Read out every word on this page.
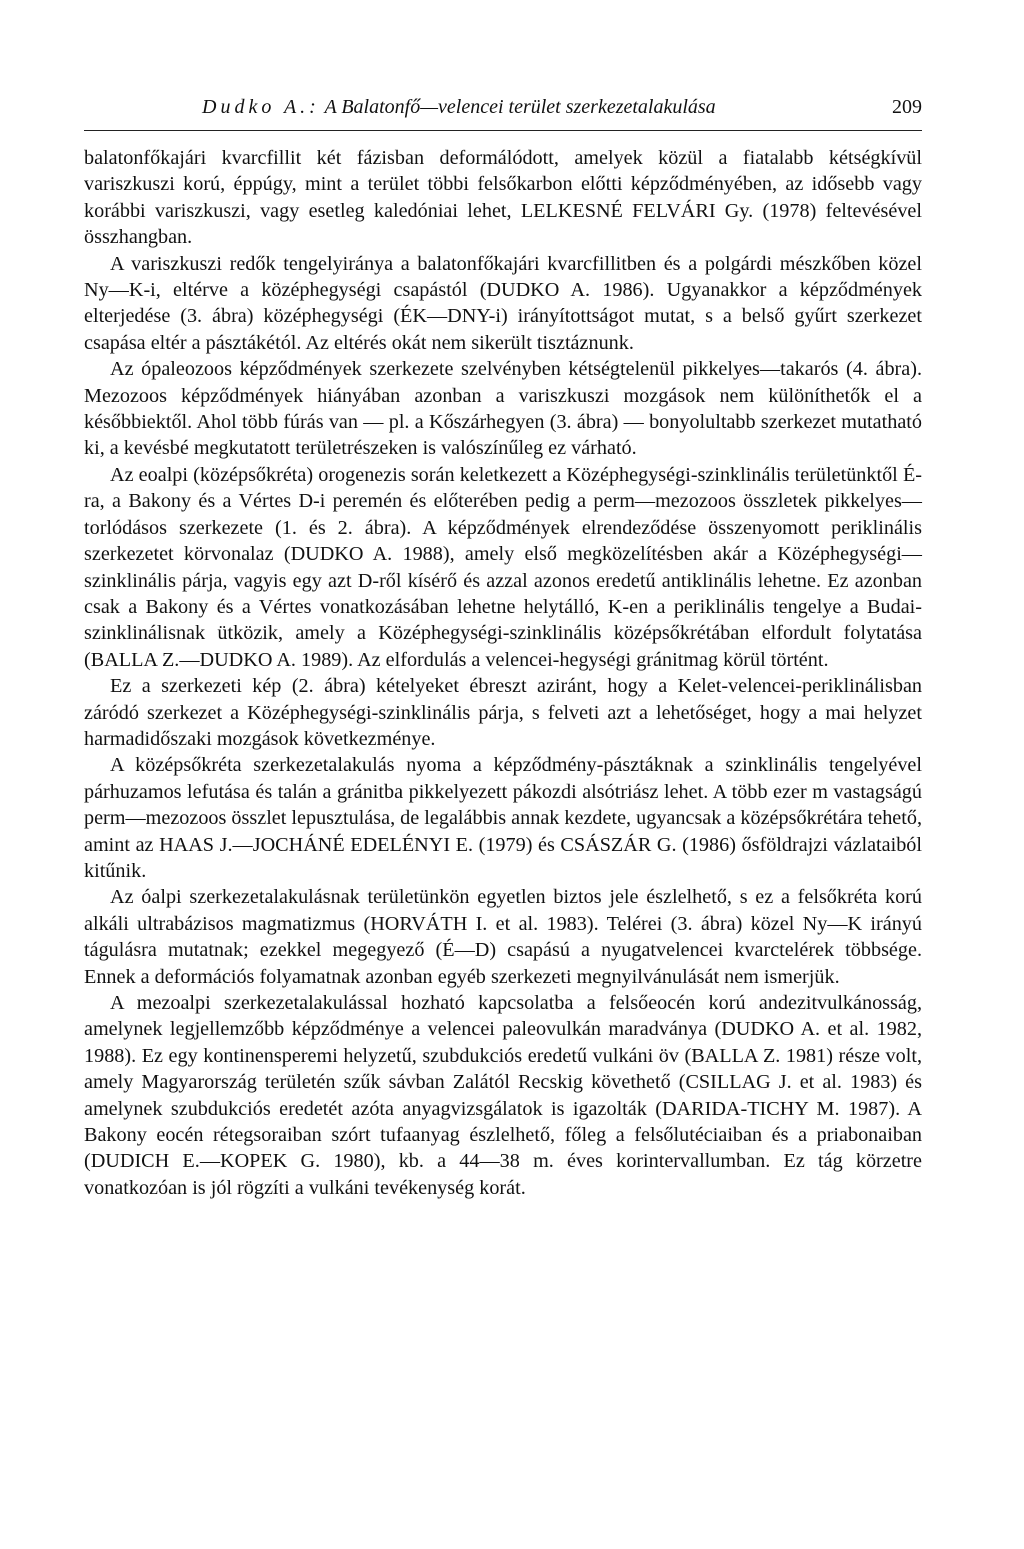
Dudko A.: A Balatonfő—velencei terület szerkezetalakulása	209

balatonfőkajári kvarcfillit két fázisban deformálódott, amelyek közül a fiatalabb kétségkívül variszkuszi korú, éppúgy, mint a terület többi felsőkarbon előtti képződményében, az idősebb vagy korábbi variszkuszi, vagy esetleg kaledóniai lehet, LELKESNÉ FELVÁRI Gy. (1978) feltevésével összhangban.

A variszkuszi redők tengelyiránya a balatonfőkajári kvarcfillitben és a polgárdi mészkőben közel Ny—K-i, eltérve a középhegységi csapástól (DUDKO A. 1986). Ugyanakkor a képződmények elterjedése (3. ábra) középhegységi (ÉK—DNY-i) irányítottságot mutat, s a belső gyűrt szerkezet csapása eltér a pásztákétól. Az eltérés okát nem sikerült tisztáznunk.

Az ópaleozoos képződmények szerkezete szelvényben kétségtelenül pikkelyes—takarós (4. ábra). Mezozoos képződmények hiányában azonban a variszkuszi mozgások nem különíthetők el a későbbiektől. Ahol több fúrás van — pl. a Kőszárhegyen (3. ábra) — bonyolultabb szerkezet mutatható ki, a kevésbé megkutatott területrészeken is valószínűleg ez várható.

Az eoalpi (középsőkréta) orogenezis során keletkezett a Középhegységi-szinklinális területünktől É-ra, a Bakony és a Vértes D-i peremén és előterében pedig a perm—mezozoos összletek pikkelyes—torlódásos szerkezete (1. és 2. ábra). A képződmények elrendeződése összenyomott periklinális szerkezetet körvonalaz (DUDKO A. 1988), amely első megközelítésben akár a Középhegységi—szinklinális párja, vagyis egy azt D-ről kísérő és azzal azonos eredetű antiklinális lehetne. Ez azonban csak a Bakony és a Vértes vonatkozásában lehetne helytálló, K-en a periklinális tengelye a Budai-szinklinálisnak ütközik, amely a Középhegységi-szinklinális középsőkrétában elfordult folytatása (BALLA Z.—DUDKO A. 1989). Az elfordulás a velencei-hegységi gránitmag körül történt.

Ez a szerkezeti kép (2. ábra) kételyeket ébreszt aziránt, hogy a Kelet-velencei-periklinálisban záródó szerkezet a Középhegységi-szinklinális párja, s felveti azt a lehetőséget, hogy a mai helyzet harmadidőszaki mozgások következménye.

A középsőkréta szerkezetalakulás nyoma a képződmény-pásztáknak a szinklinális tengelyével párhuzamos lefutása és talán a gránitba pikkelyezett pákozdi alsótriász lehet. A több ezer m vastagságú perm—mezozoos összlet lepusztulása, de legalábbis annak kezdete, ugyancsak a középsőkrétára tehető, amint az HAAS J.—JOCHÁNÉ EDELÉNYI E. (1979) és CSÁSZÁR G. (1986) ősföldrajzi vázlataiból kitűnik.

Az óalpi szerkezetalakulásnak területünkön egyetlen biztos jele észlelhető, s ez a felsőkréta korú alkáli ultrabázisos magmatizmus (HORVÁTH I. et al. 1983). Telérei (3. ábra) közel Ny—K irányú tágulásra mutatnak; ezekkel megegyező (É—D) csapású a nyugatvelencei kvarctelérek többsége. Ennek a deformációs folyamatnak azonban egyéb szerkezeti megnyilvánulását nem ismerjük.

A mezoalpi szerkezetalakulással hozható kapcsolatba a felsőeocén korú andezitvulkánosság, amelynek legjellemzőbb képződménye a velencei paleovulkán maradványa (DUDKO A. et al. 1982, 1988). Ez egy kontinensperemi helyzetű, szubdukciós eredetű vulkáni öv (BALLA Z. 1981) része volt, amely Magyarország területén szűk sávban Zalától Recskig követhető (CSILLAG J. et al. 1983) és amelynek szubdukciós eredetét azóta anyagvizsgálatok is igazolták (DARIDA-TICHY M. 1987). A Bakony eocén rétegsoraiban szórt tufaanyag észlelhető, főleg a felsőlutéciaiban és a priabonaiban (DUDICH E.—KOPEK G. 1980), kb. a 44—38 m. éves korintervallumban. Ez tág körzetre vonatkozóan is jól rögzíti a vulkáni tevékenység korát.
